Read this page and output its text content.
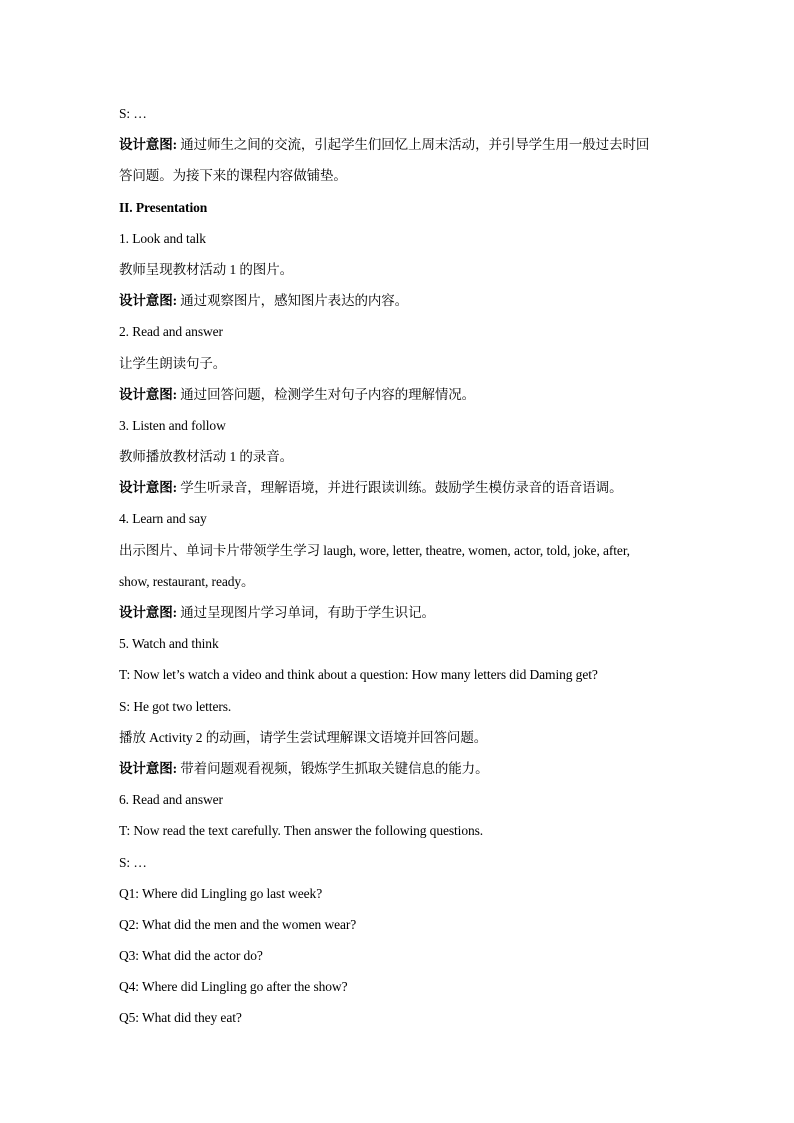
S: …
设计意图: 通过师生之间的交流，引起学生们回忆上周末活动，并引导学生用一般过去时回
答问题。为接下来的课程内容做铺垫。
II. Presentation
1. Look and talk
教师呈现教材活动 1 的图片。
设计意图: 通过观察图片，感知图片表达的内容。
2. Read and answer
让学生朗读句子。
设计意图: 通过回答问题，检测学生对句子内容的理解情况。
3. Listen and follow
教师播放教材活动 1 的录音。
设计意图: 学生听录音，理解语境，并进行跟读训练。鼓励学生模仿录音的语音语调。
4. Learn and say
出示图片、单词卡片带领学生学习 laugh, wore, letter, theatre, women, actor, told, joke, after,
show, restaurant, ready。
设计意图: 通过呈现图片学习单词，有助于学生识记。
5. Watch and think
T: Now let’s watch a video and think about a question: How many letters did Daming get?
S: He got two letters.
播放 Activity 2 的动画，请学生尝试理解课文语境并回答问题。
设计意图: 带着问题观看视频，锻炼学生抓取关键信息的能力。
6. Read and answer
T: Now read the text carefully. Then answer the following questions.
S: …
Q1: Where did Lingling go last week?
Q2: What did the men and the women wear?
Q3: What did the actor do?
Q4: Where did Lingling go after the show?
Q5: What did they eat?
